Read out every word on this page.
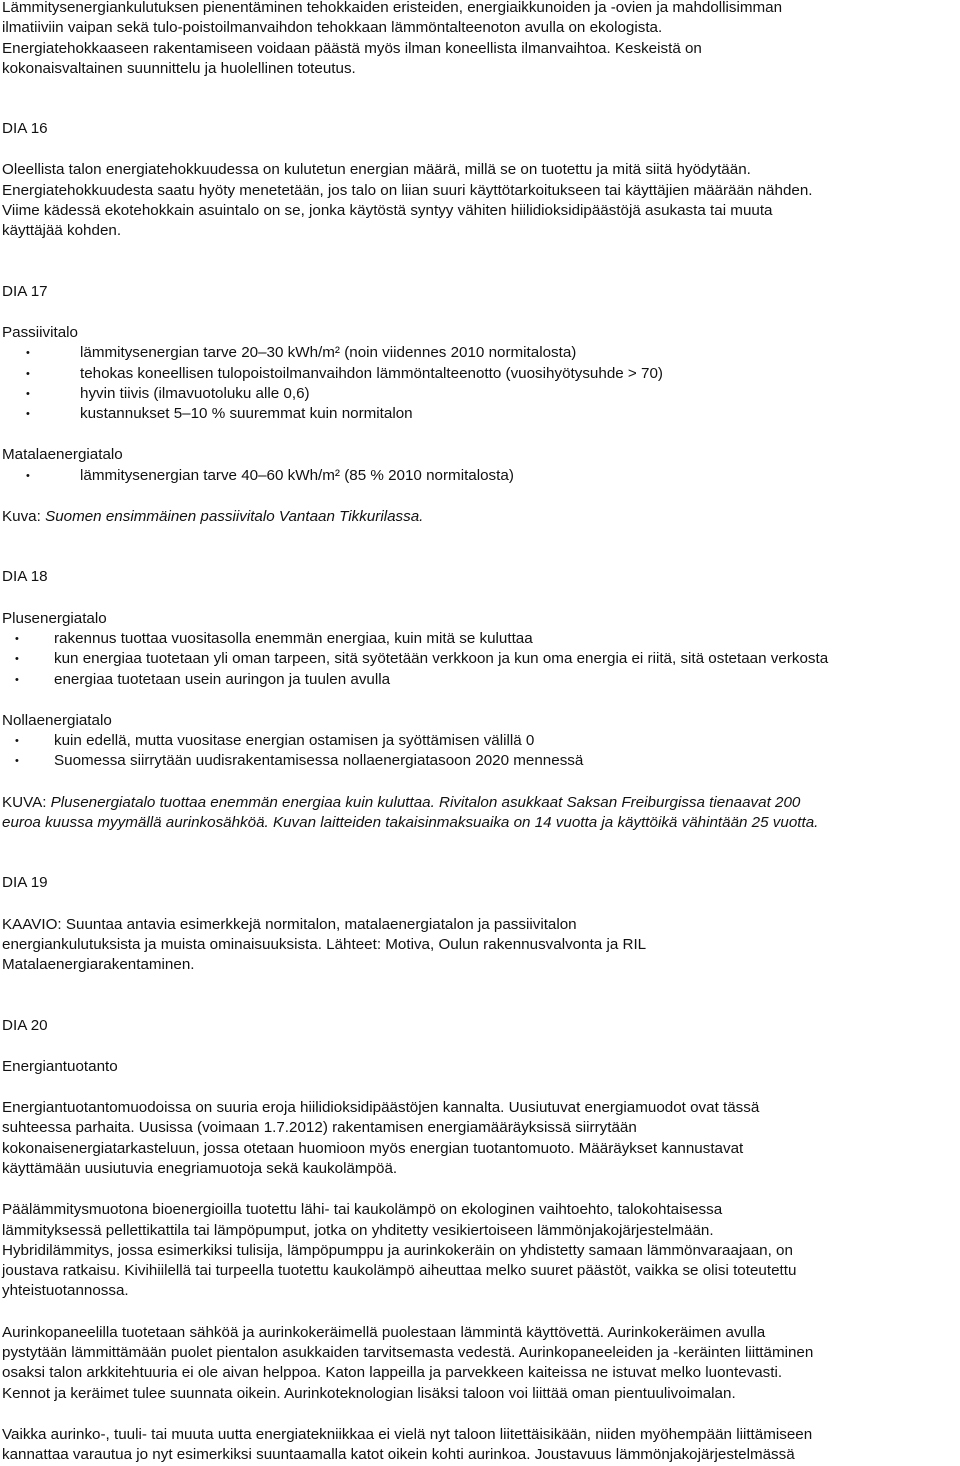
Lämmitysenergiankulutuksen pienentäminen tehokkaiden eristeiden, energiaikkunoiden ja -ovien ja mahdollisimman

ilmatiiviin vaipan sekä tulo-poistoilmanvaihdon tehokkaan lämmöntalteenoton avulla on ekologista.

Energiatehokkaaseen rakentamiseen voidaan päästä myös ilman koneellista ilmanvaihtoa. Keskeistä on

kokonaisvaltainen suunnittelu ja huolellinen toteutus.

DIA 16

Oleellista talon energiatehokkuudessa on kulutetun energian määrä, millä se on tuotettu ja mitä siitä hyödytään.

Energiatehokkuudesta saatu hyöty menetetään, jos talo on liian suuri käyttötarkoitukseen tai käyttäjien määrään nähden.

Viime kädessä ekotehokkain asuintalo on se, jonka käytöstä syntyy vähiten hiilidioksidipäästöjä asukasta tai muuta

käyttäjää kohden.

DIA 17

Passiivitalo

• lämmitysenergian tarve 20–30 kWh/m² (noin viidennes 2010 normitalosta)
• tehokas koneellisen tulopoistoilmanvaihdon lämmöntalteenotto (vuosihyötysuhde > 70)
• hyvin tiivis (ilmavuotoluku alle 0,6)
• kustannukset 5–10 % suuremmat kuin normitalon

Matalaenergiatalo

• lämmitysenergian tarve 40–60 kWh/m² (85 % 2010 normitalosta)

Kuva: Suomen ensimmäinen passiivitalo Vantaan Tikkurilassa.

DIA 18

Plusenergiatalo

• rakennus tuottaa vuositasolla enemmän energiaa, kuin mitä se kuluttaa
• kun energiaa tuotetaan yli oman tarpeen, sitä syötetään verkkoon ja kun oma energia ei riitä, sitä ostetaan verkosta
• energiaa tuotetaan usein auringon ja tuulen avulla

Nollaenergiatalo

• kuin edellä, mutta vuositase energian ostamisen ja syöttämisen välillä 0
• Suomessa siirrytään uudisrakentamisessa nollaenergiatasoon 2020 mennessä

KUVA: Plusenergiatalo tuottaa enemmän energiaa kuin kuluttaa. Rivitalon asukkaat Saksan Freiburgissa tienaavat 200

euroa kuussa myymällä aurinkosähköä. Kuvan laitteiden takaisinmaksuaika on 14 vuotta ja käyttöikä vähintään 25 vuotta.

DIA 19

KAAVIO: Suuntaa antavia esimerkkejä normitalon, matalaenergiatalon ja passiivitalon

energiankulutuksista ja muista ominaisuuksista. Lähteet: Motiva, Oulun rakennusvalvonta ja RIL

Matalaenergiarakentaminen.

DIA 20

Energiantuotanto

Energiantuotantomuodoissa on suuria eroja hiilidioksidipäästöjen kannalta. Uusiutuvat energiamuodot ovat tässä

suhteessa parhaita. Uusissa (voimaan 1.7.2012) rakentamisen energiamääräyksissä siirrytään

kokonaisenergiatarkasteluun, jossa otetaan huomioon myös energian tuotantomuoto. Määräykset kannustavat

käyttämään uusiutuvia enegriamuotoja sekä kaukolämpöä.

Päälämmitysmuotona bioenergioilla tuotettu lähi- tai kaukolämpö on ekologinen vaihtoehto, talokohtaisessa

lämmityksessä pellettikattila tai lämpöpumput, jotka on yhditetty vesikiertoiseen lämmönjakojärjestelmään.

Hybridilämmitys, jossa esimerkiksi tulisija, lämpöpumppu ja aurinkokeräin on yhdistetty samaan lämmönvaraajaan, on

joustava ratkaisu. Kivihiilellä tai turpeella tuotettu kaukolämpö aiheuttaa melko suuret päästöt, vaikka se olisi toteutettu

yhteistuotannossa.

Aurinkopaneelilla tuotetaan sähköä ja aurinkokeräimellä puolestaan lämmintä käyttövettä. Aurinkokeräimen avulla

pystytään lämmittämään puolet pientalon asukkaiden tarvitsemasta vedestä. Aurinkopaneeleiden ja -keräinten liittäminen

osaksi talon arkkitehtuuria ei ole aivan helppoa. Katon lappeilla ja parvekkeen kaiteissa ne istuvat melko luontevasti.

Kennot ja keräimet tulee suunnata oikein. Aurinkoteknologian lisäksi taloon voi liittää oman pientuulivoimalan.

Vaikka aurinko-, tuuli- tai muuta uutta energiatekniikkaa ei vielä nyt taloon liitettäisikään, niiden myöhempään liittämiseen

kannattaa varautua jo nyt esimerkiksi suuntaamalla katot oikein kohti aurinkoa. Joustavuus lämmönjakojärjestelmässä
